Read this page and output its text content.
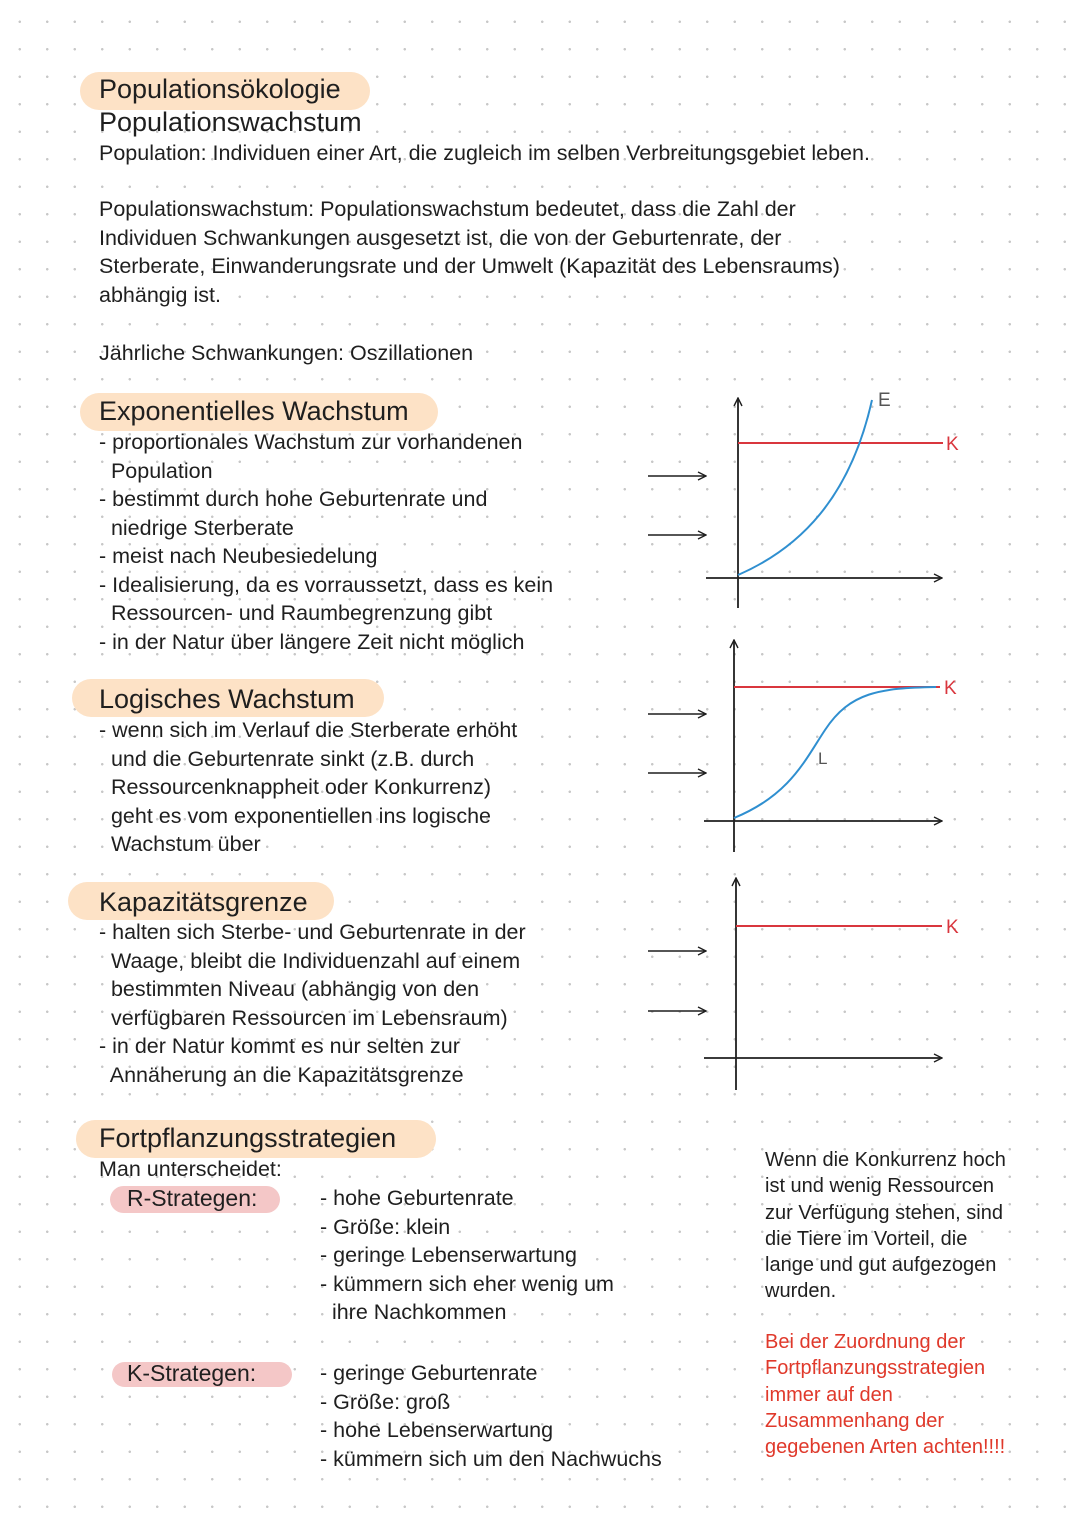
Populationsökologie
Populationswachstum
Population: Individuen einer Art, die zugleich im selben Verbreitungsgebiet leben.
Populationswachstum: Populationswachstum bedeutet, dass die Zahl der
Individuen Schwankungen ausgesetzt ist, die von der Geburtenrate, der
Sterberate, Einwanderungsrate und der Umwelt (Kapazität des Lebensraums)
abhängig ist.
Jährliche Schwankungen: Oszillationen
Exponentielles Wachstum
- proportionales Wachstum zur vorhandenen
Population
- bestimmt durch hohe Geburtenrate und
niedrige Sterberate
- meist nach Neubesiedelung
- Idealisierung, da es vorraussetzt, dass es kein
Ressourcen- und Raumbegrenzung gibt
- in der Natur über längere Zeit nicht möglich
Logisches Wachstum
- wenn sich im Verlauf die Sterberate erhöht
und die Geburtenrate sinkt (z.B. durch
Ressourcenknappheit oder Konkurrenz)
geht es vom exponentiellen ins logische
Wachstum über
Kapazitätsgrenze
- halten sich Sterbe- und Geburtenrate in der
Waage, bleibt die Individuenzahl auf einem
bestimmten Niveau (abhängig von den
verfügbaren Ressourcen im Lebensraum)
- in der Natur kommt es nur selten zur
Annäherung an die Kapazitätsgrenze
E
K
L
K
K
Fortpflanzungsstrategien
Man unterscheidet:
R-Strategen:	- hohe Geburtenrate
- Größe: klein
- geringe Lebenserwartung
- kümmern sich eher wenig um
ihre Nachkommen
K-Strategen:	- geringe Geburtenrate
- Größe: groß
- hohe Lebenserwartung
- kümmern sich um den Nachwuchs
Wenn die Konkurrenz hoch
ist und wenig Ressourcen
zur Verfügung stehen, sind
die Tiere im Vorteil, die
lange und gut aufgezogen
wurden.
Bei der Zuordnung der
Fortpflanzungsstrategien
immer auf den
Zusammenhang der
gegebenen Arten achten!!!!
